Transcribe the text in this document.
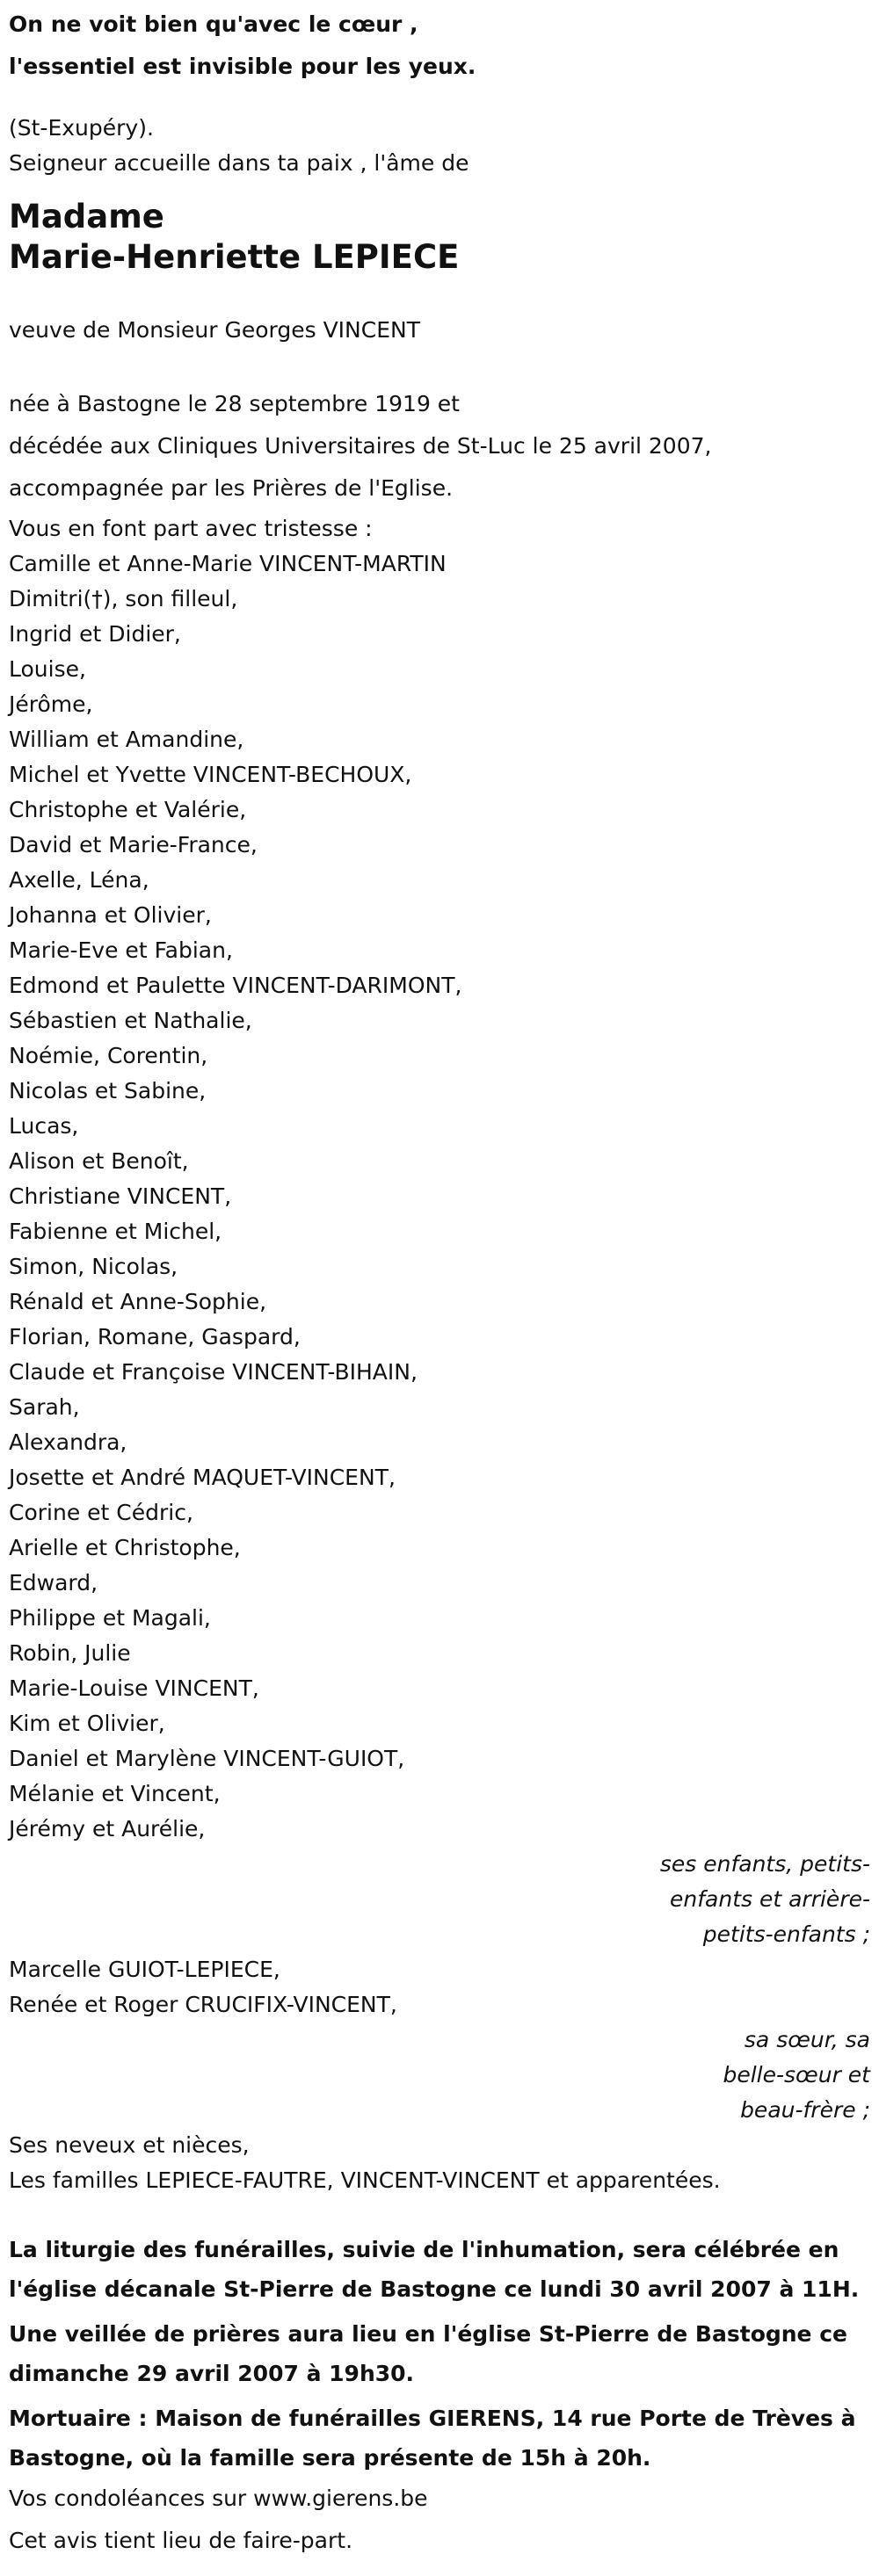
On ne voit bien qu'avec le cœur ,
l'essentiel est invisible pour les yeux.
(St-Exupéry).
Seigneur accueille dans ta paix , l'âme de
Madame
Marie-Henriette LEPIECE
veuve de Monsieur Georges VINCENT
née à Bastogne le 28 septembre 1919 et
décédée aux Cliniques Universitaires de St-Luc le 25 avril 2007,
accompagnée par les Prières de l'Eglise.
Vous en font part avec tristesse :
Camille et Anne-Marie VINCENT-MARTIN
Dimitri(†), son filleul,
Ingrid et Didier,
Louise,
Jérôme,
William et Amandine,
Michel et Yvette VINCENT-BECHOUX,
Christophe et Valérie,
David et Marie-France,
Axelle, Léna,
Johanna et Olivier,
Marie-Eve et Fabian,
Edmond et Paulette VINCENT-DARIMONT,
Sébastien et Nathalie,
Noémie, Corentin,
Nicolas et Sabine,
Lucas,
Alison et Benoît,
Christiane VINCENT,
Fabienne et Michel,
Simon, Nicolas,
Rénald et Anne-Sophie,
Florian, Romane, Gaspard,
Claude et Françoise VINCENT-BIHAIN,
Sarah,
Alexandra,
Josette et André MAQUET-VINCENT,
Corine et Cédric,
Arielle et Christophe,
Edward,
Philippe et Magali,
Robin, Julie
Marie-Louise VINCENT,
Kim et Olivier,
Daniel et Marylène VINCENT-GUIOT,
Mélanie et Vincent,
Jérémy et Aurélie,
ses enfants, petits-
enfants et arrière-
petits-enfants ;
Marcelle GUIOT-LEPIECE,
Renée et Roger CRUCIFIX-VINCENT,
sa sœur, sa
belle-sœur et
beau-frère ;
Ses neveux et nièces,
Les familles LEPIECE-FAUTRE, VINCENT-VINCENT et apparentées.
La liturgie des funérailles, suivie de l'inhumation, sera célébrée en
l'église décanale St-Pierre de Bastogne ce lundi 30 avril 2007 à 11H.
Une veillée de prières aura lieu en l'église St-Pierre de Bastogne ce
dimanche 29 avril 2007 à 19h30.
Mortuaire : Maison de funérailles GIERENS, 14 rue Porte de Trèves à
Bastogne, où la famille sera présente de 15h à 20h.
Vos condoléances sur www.gierens.be
Cet avis tient lieu de faire-part.
